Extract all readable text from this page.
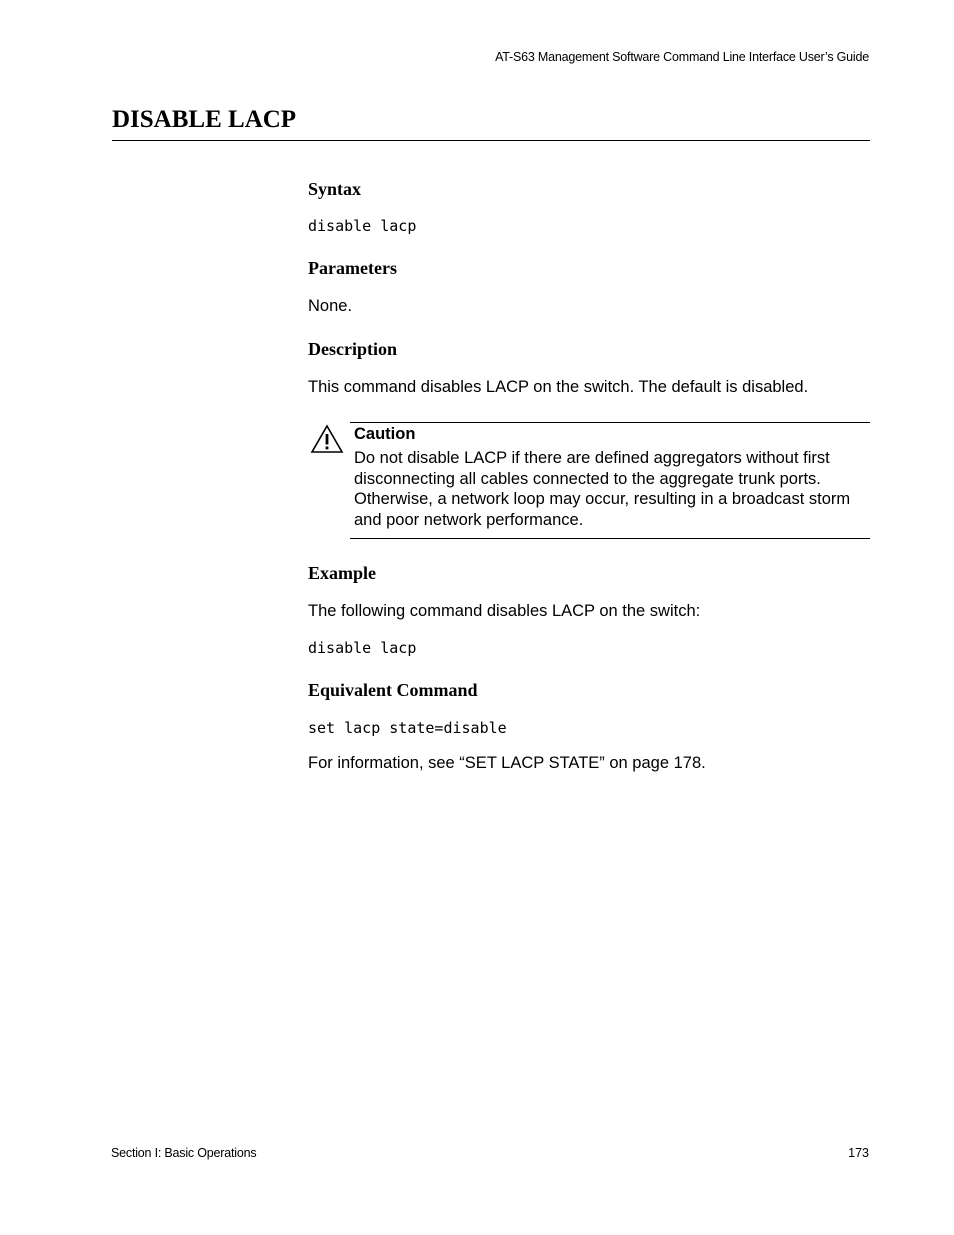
AT-S63 Management Software Command Line Interface User’s Guide
DISABLE LACP
Syntax
disable lacp
Parameters
None.
Description
This command disables LACP on the switch. The default is disabled.
Caution
Do not disable LACP if there are defined aggregators without first
disconnecting all cables connected to the aggregate trunk ports.
Otherwise, a network loop may occur, resulting in a broadcast storm
and poor network performance.
Example
The following command disables LACP on the switch:
disable lacp
Equivalent Command
set lacp state=disable
For information, see “SET LACP STATE” on page 178.
Section I: Basic Operations	173
